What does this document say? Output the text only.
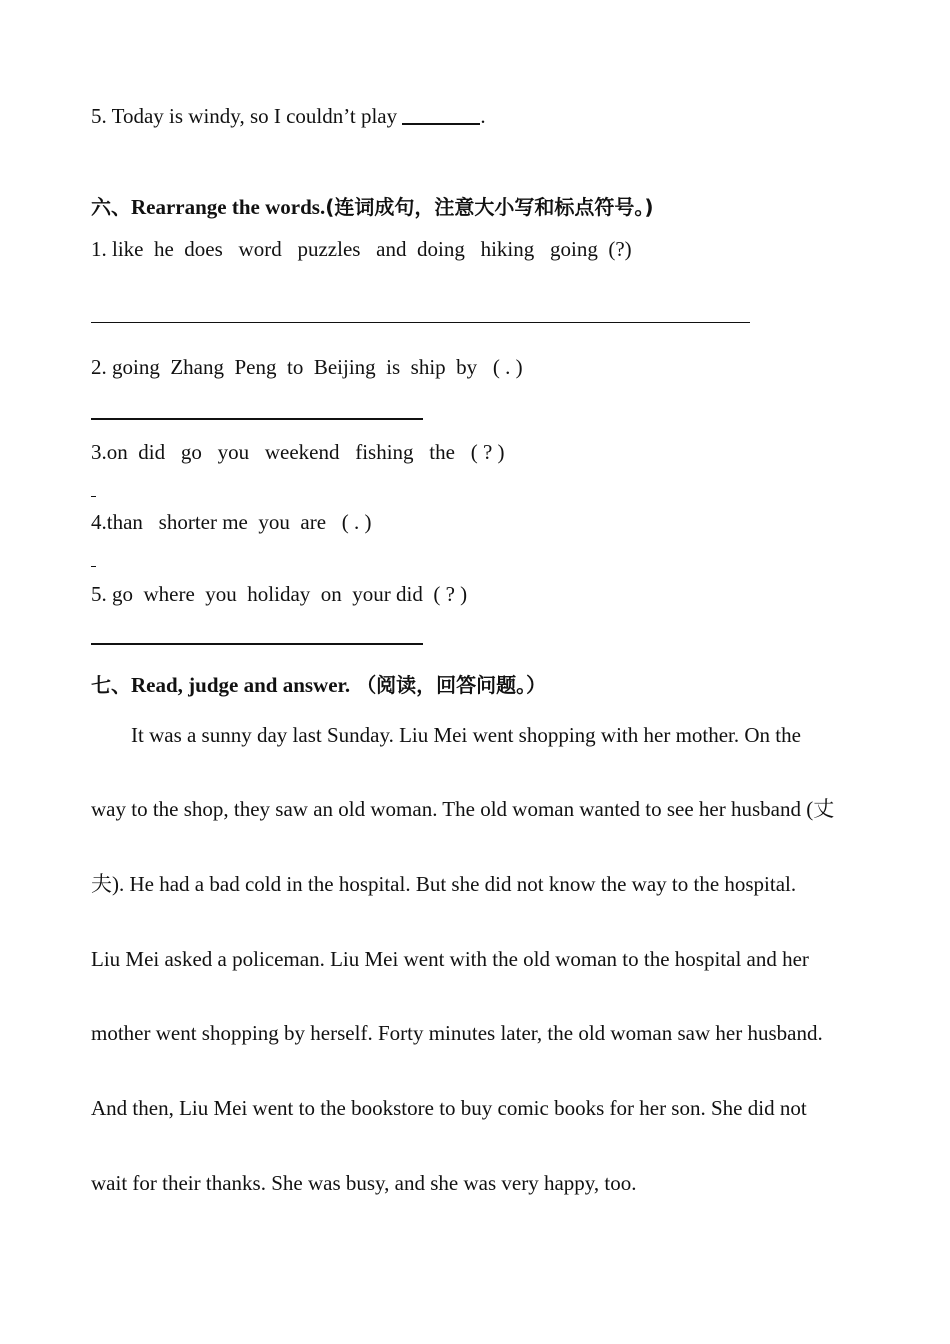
5. Today is windy, so I couldn’t play	.
六、Rearrange the words.(连词成句，注意大小写和标点符号。)
1. like  he  does   word   puzzles   and  doing   hiking   going  (?)
2. going  Zhang  Peng  to  Beijing  is  ship  by   ( . )
3.on  did   go   you   weekend   fishing   the   ( ? )
4.than   shorter me  you  are   ( . )
5. go  where  you  holiday  on  your did  ( ? )
七、Read, judge and answer. （阅读，回答问题。）
It was a sunny day last Sunday. Liu Mei went shopping with her mother. On the
way to the shop, they saw an old woman. The old woman wanted to see her husband (丈
夫). He had a bad cold in the hospital. But she did not know the way to the hospital.
Liu Mei asked a policeman. Liu Mei went with the old woman to the hospital and her
mother went shopping by herself. Forty minutes later, the old woman saw her husband.
And then, Liu Mei went to the bookstore to buy comic books for her son. She did not
wait for their thanks. She was busy, and she was very happy, too.
